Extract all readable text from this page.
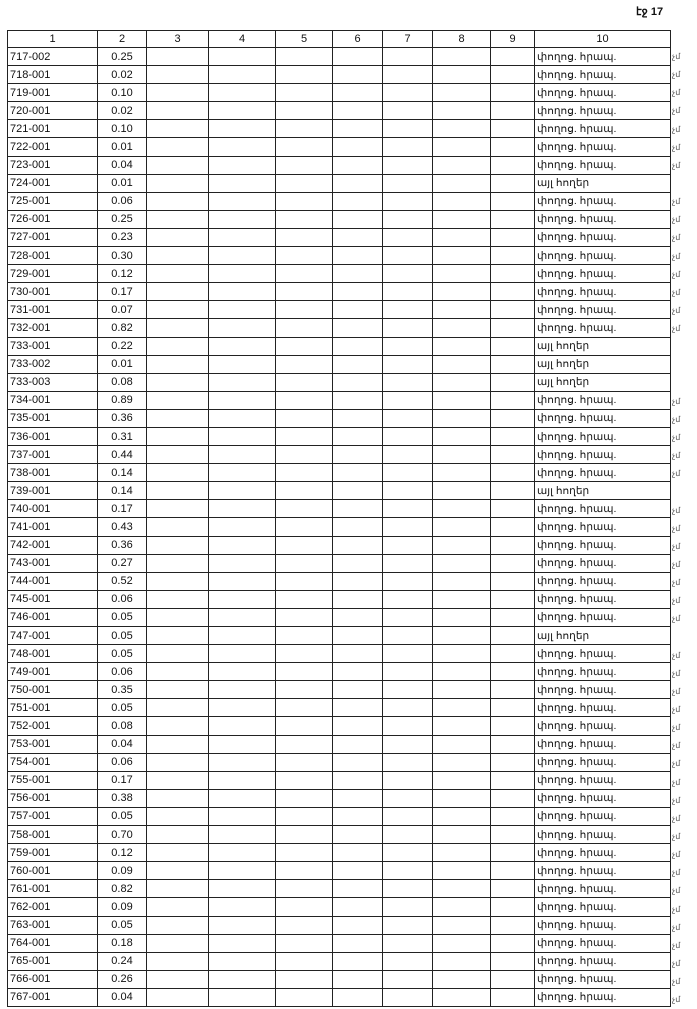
էջ 17
1	2	3	4	5	6	7	8	9	10
717-002	0.25								փողոց. հրապ.
718-001	0.02								փողոց. հրապ.
719-001	0.10								փողոց. հրապ.
720-001	0.02								փողոց. հրապ.
721-001	0.10								փողոց. հրապ.
722-001	0.01								փողոց. հրապ.
723-001	0.04								փողոց. հրապ.
724-001	0.01								այլ հողեր
725-001	0.06								փողոց. հրապ.
726-001	0.25								փողոց. հրապ.
727-001	0.23								փողոց. հրապ.
728-001	0.30								փողոց. հրապ.
729-001	0.12								փողոց. հրապ.
730-001	0.17								փողոց. հրապ.
731-001	0.07								փողոց. հրապ.
732-001	0.82								փողոց. հրապ.
733-001	0.22								այլ հողեր
733-002	0.01								այլ հողեր
733-003	0.08								այլ հողեր
734-001	0.89								փողոց. հրապ.
735-001	0.36								փողոց. հրապ.
736-001	0.31								փողոց. հրապ.
737-001	0.44								փողոց. հրապ.
738-001	0.14								փողոց. հրապ.
739-001	0.14								այլ հողեր
740-001	0.17								փողոց. հրապ.
741-001	0.43								փողոց. հրապ.
742-001	0.36								փողոց. հրապ.
743-001	0.27								փողոց. հրապ.
744-001	0.52								փողոց. հրապ.
745-001	0.06								փողոց. հրապ.
746-001	0.05								փողոց. հրապ.
747-001	0.05								այլ հողեր
748-001	0.05								փողոց. հրապ.
749-001	0.06								փողոց. հրապ.
750-001	0.35								փողոց. հրապ.
751-001	0.05								փողոց. հրապ.
752-001	0.08								փողոց. հրապ.
753-001	0.04								փողոց. հրապ.
754-001	0.06								փողոց. հրապ.
755-001	0.17								փողոց. հրապ.
756-001	0.38								փողոց. հրապ.
757-001	0.05								փողոց. հրապ.
758-001	0.70								փողոց. հրապ.
759-001	0.12								փողոց. հրապ.
760-001	0.09								փողոց. հրապ.
761-001	0.82								փողոց. հրապ.
762-001	0.09								փողոց. հրապ.
763-001	0.05								փողոց. հրապ.
764-001	0.18								փողոց. հրապ.
765-001	0.24								փողոց. հրապ.
766-001	0.26								փողոց. հրապ.
767-001	0.04								փողոց. հրապ.
չմ
չմ
չմ
չմ
չմ
չմ
չմ
չմ
չմ
չմ
չմ
չմ
չմ
չմ
չմ
չմ
չմ
չմ
չմ
չմ
չմ
չմ
չմ
չմ
չմ
չմ
չմ
չմ
չմ
չմ
չմ
չմ
չմ
չմ
չմ
չմ
չմ
չմ
չմ
չմ
չմ
չմ
չմ
չմ
չմ
չմ
չմ
